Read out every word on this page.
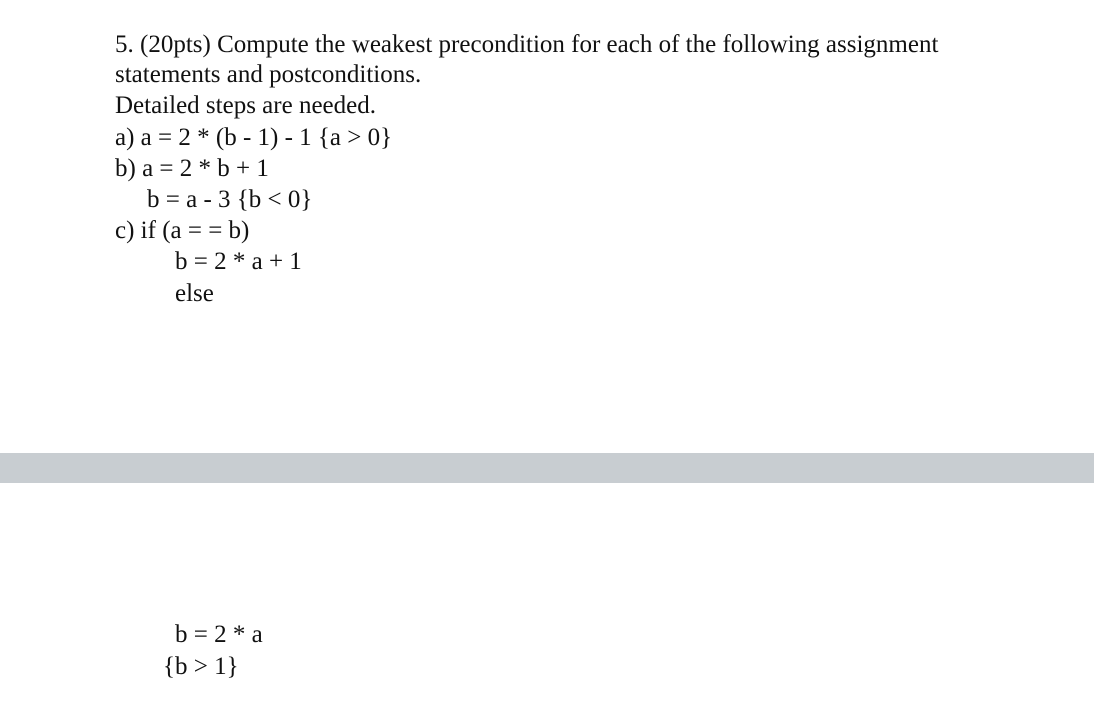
5. (20pts) Compute the weakest precondition for each of the following assignment
statements and postconditions.
Detailed steps are needed.
a) a = 2 * (b - 1) - 1 {a > 0}
b) a = 2 * b + 1
b = a - 3 {b < 0}
c) if (a = = b)
b = 2 * a + 1
else
b = 2 * a
{b > 1}
